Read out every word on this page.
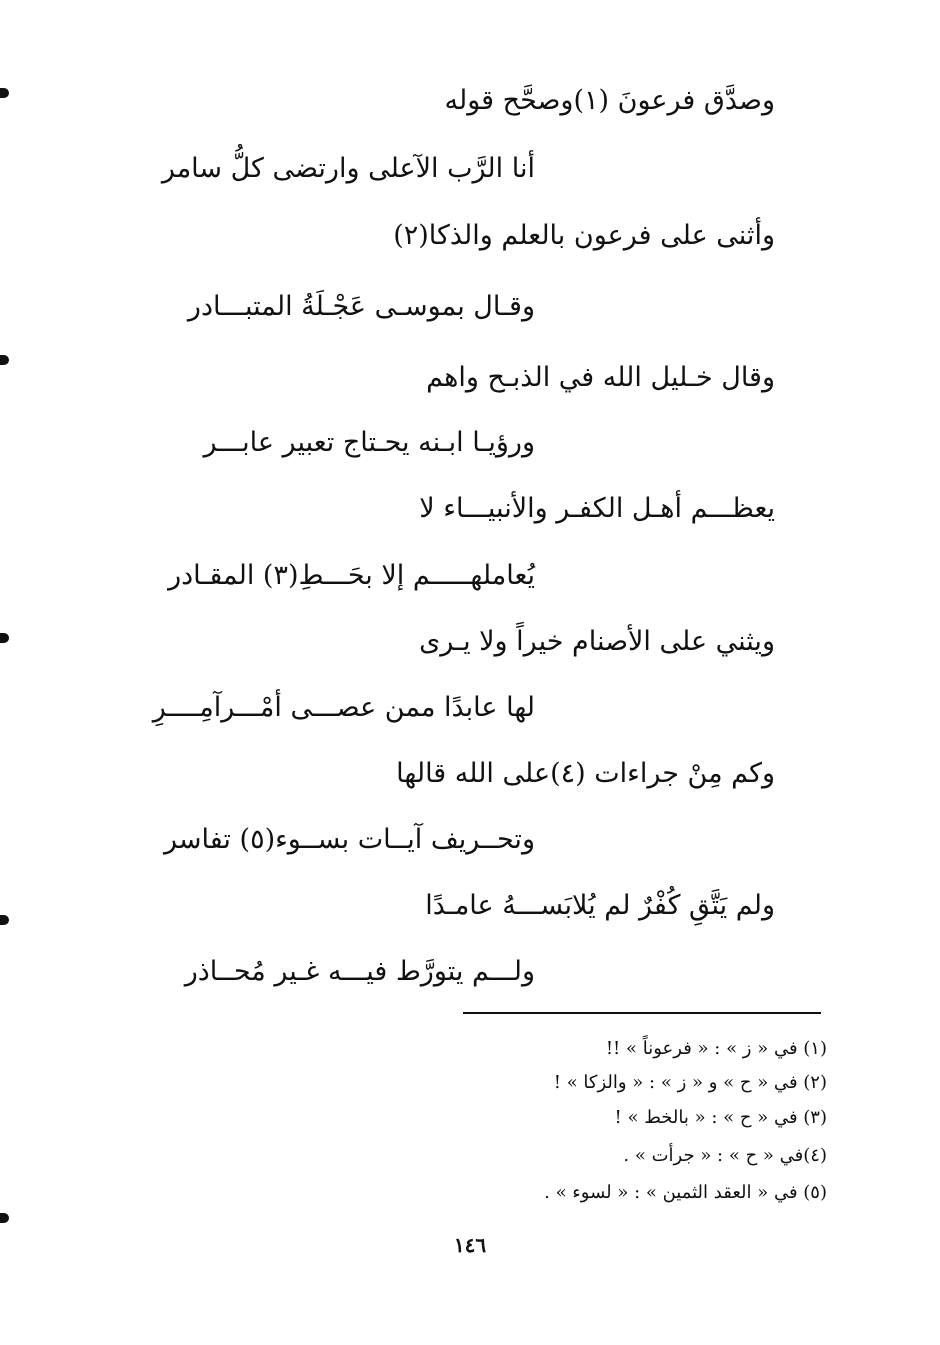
وصدَّق فرعونَ (١)وصحَّح قوله
أنا الرَّب الآعلى وارتضى كلُّ سامر
وأثنى على فرعون بالعلم والذكا(٢)
وقـال بموسـى عَجْـلَةُ المتبـــادر
وقال خـليل الله في الذبـح واهم
ورؤيـا ابـنه يحـتاج تعبير عابـــر
يعظـــم أهـل الكفـر والأنبيـــاء لا
يُعاملهـــــم إلا بحَـــطِ(٣) المقـادر
ويثني على الأصنام خيراً ولا يـرى
لها عابدًا ممن عصـــى أمْـــرآمِــــرِ
وكم مِنْ جراءات (٤)على الله قالها
وتحــريف آيــات بســوء(٥) تفاسر
ولم يَتَّقِ كُفْرٌ لم يُلابَســـهُ عامـدًا
ولـــم يتورَّط فيـــه غـير مُحــاذر
(١) في « ز » : « فرعوناً » !!
(٢) في « ح » و « ز » : « والزكا » !
(٣) في « ح » : « بالخط » !
(٤)في « ح » : « جرأت » .
(٥) في « العقد الثمين » : « لسوء » .
١٤٦
